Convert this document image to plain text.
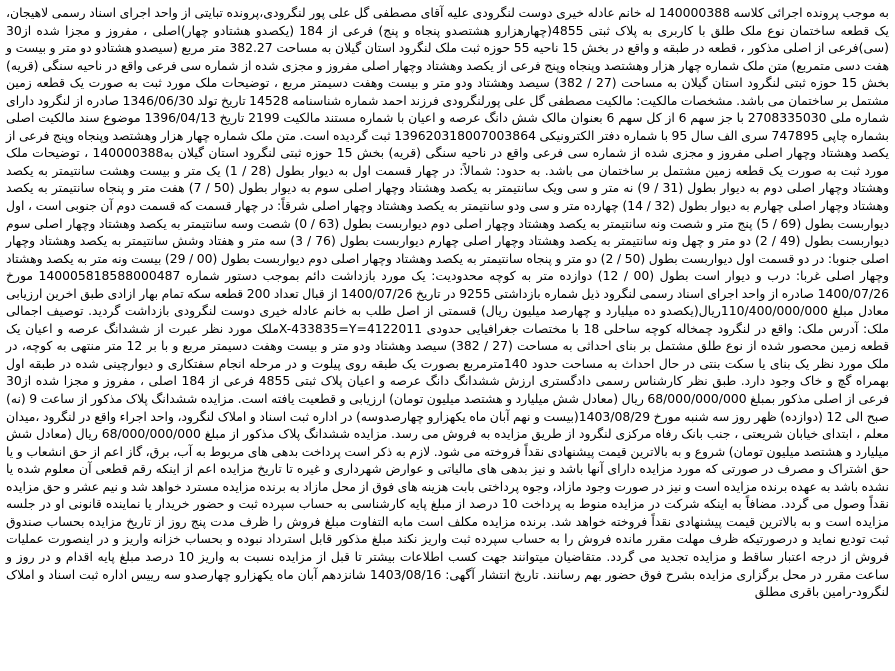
به موجب پرونده اجرائی کلاسه 140000388 له خانم عادله خیری دوست لنگرودی علیه آقای مصطفی گل علی پور لنگرودی،پرونده تبایتی از واحد اجرای اسناد رسمی لاهیجان، یک قطعه ساختمان نوع ملک طلق با کاربری به پلاک ثبتی 4855(چهارهزارو هشتصدو پنجاه و پنج) فرعی از 184 (یکصدو هشتادو چهار)اصلی ، مفروز و مجزا شده از30 (سی)فرعی از اصلی مذکور ، قطعه در طبقه و واقع در بخش 15 ناحیه 55 حوزه ثبت ملک لنگرود استان گیلان به مساحت 382.27 متر مربع (سیصدو هشتادو دو متر و بیست و هفت دسی متمربع) متن ملک شماره چهار هزار وهشتصد وپنجاه وپنج فرعی از یکصد وهشتاد وچهار اصلی مفروز و مجزی شده از شماره سی فرعی واقع در ناحیه سنگی (قریه) بخش 15 حوزه ثبتی لنگرود استان گیلان به مساحت (27 / 382) سیصد وهشتاد ودو متر و بیست وهفت دسیمتر مربع ، توضیحات ملک مورد ثبت به صورت یک قطعه زمین مشتمل بر ساختمان می باشد. مشخصات مالکیت: مالکیت مصطفی گل علی پورلنگرودی فرزند احمد شماره شناسنامه 14528 تاریخ تولد 1346/06/30 صادره از لنگرود دارای شماره ملی 2708335030 با جز سهم 6 از کل سهم 6 بعنوان مالک شش دانگ عرصه و اعیان با شماره مستند مالکیت 2199 تاریخ 1396/04/13 موضوع سند مالکیت اصلی بشماره چاپی 747895 سری الف سال 95 با شماره دفتر الکترونیکی 139620318007003864 ثبت گردیده است. متن ملک شماره چهار هزار وهشتصد وپنجاه وپنج فرعی از یکصد وهشتاد وچهار اصلی مفروز و مجزی شده از شماره سی فرعی واقع در ناحیه سنگی (قریه) بخش 15 حوزه ثبتی لنگرود استان گیلان به140000388 ، توضیحات ملک مورد ثبت به صورت یک قطعه زمین مشتمل بر ساختمان می باشد. به حدود: شمالاً: در چهار قسمت اول به دیوار بطول (28 / 1) یک متر و بیست وهشت سانتیمتر به یکصد وهشتاد وچهار اصلی دوم به دیوار بطول (31 / 9) نه متر و سی ویک سانتیمتر به یکصد وهشتاد وچهار اصلی سوم به دیوار بطول (50 / 7) هفت متر و پنجاه سانتیمتر به یکصد وهشتاد وچهار اصلی چهارم به دیوار بطول (32 / 14) چهارده متر و سی ودو سانتیمتر به یکصد وهشتاد وچهار اصلی شرقاً: در چهار قسمت که قسمت دوم آن جنوبی است ، اول دیواربست بطول (69 / 5) پنج متر و شصت ونه سانتیمتر به یکصد وهشتاد وچهار اصلی دوم دیواربست بطول (63 / 0) شصت وسه سانتیمتر به یکصد وهشتاد وچهار اصلی سوم دیواربست بطول (49 / 2) دو متر و چهل ونه سانتیمتر به یکصد وهشتاد وچهار اصلی چهارم دیواربست بطول (76 / 3) سه متر و هفتاد وشش سانتیمتر به یکصد وهشتاد وچهار اصلی جنوبا: در دو قسمت اول دیواربست بطول (50 / 2) دو متر و پنجاه سانتیمتر به یکصد وهشتاد وچهار اصلی دوم دیواربست بطول (00 / 29) بیست ونه متر به یکصد وهشتاد وچهار اصلی غربا: درب و دیوار است بطول (00 / 12) دوازده متر به کوچه محدودیت: یک مورد بازداشت دائم بموجب دستور شماره 140005818588000487 مورخ 1400/07/26 صادره از واحد اجرای اسناد رسمی لنگرود ذیل شماره بازداشتی 9255 در تاریخ 1400/07/26 از قبال تعداد 200 قطعه سکه تمام بهار ازادی طبق اخرین ارزیابی معادل مبلغ 110/400/000/000ریال(یکصدو ده میلیارد و چهارصد میلیون ریال) قسمتی از اصل طلب به خانم عادله خیری دوست لنگرودی بازداشت گردید. توصیف اجمالی ملک: آدرس ملک: واقع در لنگرود چمخاله کوچه ساحلی 18 با مختصات جغرافیایی حدودی 4122011=X-433835=Yملک مورد نظر عبرت از ششدانگ عرصه و اعیان یک قطعه زمین محصور شده از نوع طلق مشتمل بر بنای احداثی به مساحت (27 / 382) سیصد وهشتاد ودو متر و بیست وهفت دسیمتر مربع و با بر 12 متر منتهی به کوچه، در ملک مورد نظر یک بنای یا سکت بنتی در حال احداث به مساحت حدود 140مترمربع بصورت یک طبقه روی پیلوت و در مرحله انجام سفتکاری و دیوارچینی شده در طبقه اول بهمراه گچ و خاک وجود دارد. طبق نظر کارشناس رسمی دادگستری ارزش ششدانگ دانگ عرصه و اعیان پلاک ثبتی 4855 فرعی از 184 اصلی ، مفروز و مجزا شده از30 فرعی از اصلی مذکور بمبلغ 68/000/000/000 ریال (معادل شش میلیارد و هشتصد میلیون تومان) ارزیابی و قطعیت یافته است. مزایده ششدانگ پلاک مذکور از ساعت 9 (نه) صبح الی 12 (دوازده) ظهر روز سه شنبه مورخ 1403/08/29(بیست و نهم آبان ماه یکهزارو چهارصدوسه) در اداره ثبت اسناد و املاک لنگرود، واحد اجراء واقع در لنگرود ،میدان معلم ، ابتدای خیابان شریعتی ، جنب بانک رفاه مرکزی لنگرود از طریق مزایده به فروش می رسد. مزایده ششدانگ پلاک مذکور از مبلغ 68/000/000/000 ریال (معادل شش میلیارد و هشتصد میلیون تومان) شروع و به بالاترین قیمت پیشنهادی نقداً فروخته می شود. لازم به ذکر است پرداخت بدهی های مربوط به آب، برق، گاز اعم از حق انشعاب و یا حق اشتراک و مصرف در صورتی که مورد مزایده دارای آنها باشد و نیز بدهی های مالیاتی و عوارض شهرداری و غیره تا تاریخ مزایده اعم از اینکه رقم قطعی آن معلوم شده یا نشده باشد به عهده برنده مزایده است و نیز در صورت وجود مازاد، وجوه پرداختی بابت هزینه های فوق از محل مازاد به برنده مزایده مسترد خواهد شد و نیم عشر و حق مزایده نقداً وصول می گردد. مضافاً به اینکه شرکت در مزایده منوط به پرداخت 10 درصد از مبلغ پایه کارشناسی به حساب سپرده ثبت و حضور خریدار یا نماینده قانونی او در جلسه مزایده است و به بالاترین قیمت پیشنهادی نقداً فروخته خواهد شد. برنده مزایده مکلف است مابه التفاوت مبلغ فروش را ظرف مدت پنج روز از تاریخ مزایده بحساب صندوق ثبت تودیع نماید و درصورتیکه ظرف مهلت مقرر مانده فروش را به حساب سپرده ثبت واریز نکند مبلغ مذکور قابل استرداد نبوده و بحساب خزانه واریز و در اینصورت عملیات فروش از درجه اعتبار ساقط و مزایده تجدید می گردد. متقاضیان میتوانند جهت کسب اطلاعات بیشتر تا قبل از مزایده نسبت به واریز 10 درصد مبلغ پایه اقدام و در روز و ساعت مقرر در محل برگزاری مزایده بشرح فوق حضور بهم رسانند. تاریخ انتشار آگهی: 1403/08/16 شانزدهم آبان ماه یکهزارو چهارصدو سه رییس اداره ثبت اسناد و املاک لنگرود-رامین باقری مطلق
